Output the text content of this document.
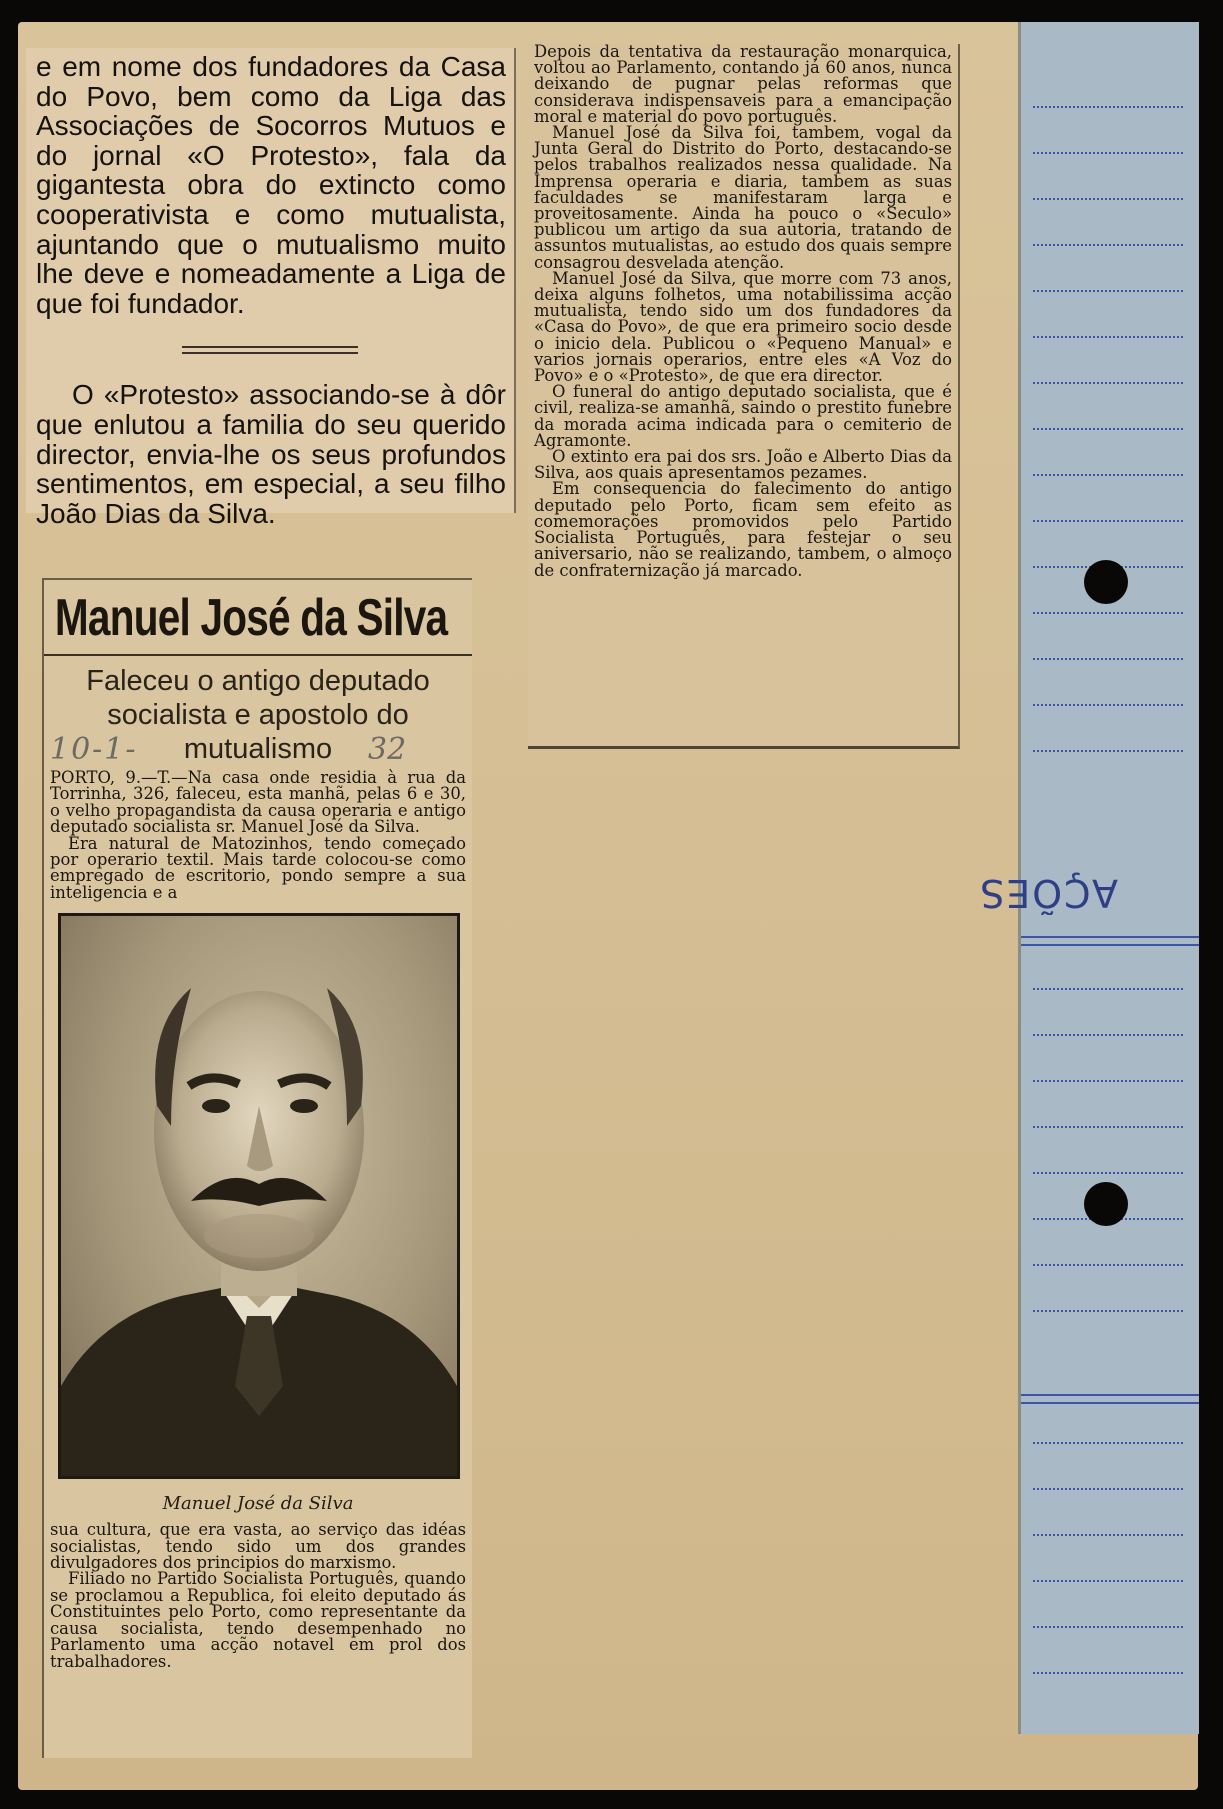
AÇÕES

e em nome dos fundadores da Casa do Povo, bem como da Liga das Associações de Socorros Mutuos e do jornal «O Protesto», fala da gigantesta obra do extincto como cooperativista e como mutualista, ajuntando que o mutualismo muito lhe deve e nomeadamente a Liga de que foi fundador.

O «Protesto» associando-se à dôr que enlutou a familia do seu querido director, envia-lhe os seus profundos sentimentos, em especial, a seu filho João Dias da Silva.

Depois da tentativa da restauração monarquica, voltou ao Parlamento, contando já 60 anos, nunca deixando de pugnar pelas reformas que considerava indispensaveis para a emancipação moral e material do povo português.

Manuel José da Silva foi, tambem, vogal da Junta Geral do Distrito do Porto, destacando-se pelos trabalhos realizados nessa qualidade. Na Imprensa operaria e diaria, tambem as suas faculdades se manifestaram larga e proveitosamente. Ainda ha pouco o «Seculo» publicou um artigo da sua autoria, tratando de assuntos mutualistas, ao estudo dos quais sempre consagrou desvelada atenção.

Manuel José da Silva, que morre com 73 anos, deixa alguns folhetos, uma notabilissima acção mutualista, tendo sido um dos fundadores da «Casa do Povo», de que era primeiro socio desde o inicio dela. Publicou o «Pequeno Manual» e varios jornais operarios, entre eles «A Voz do Povo» e o «Protesto», de que era director.

O funeral do antigo deputado socialista, que é civil, realiza-se amanhã, saindo o prestito funebre da morada acima indicada para o cemiterio de Agramonte.

O extinto era pai dos srs. João e Alberto Dias da Silva, aos quais apresentamos pezames.

Em consequencia do falecimento do antigo deputado pelo Porto, ficam sem efeito as comemorações promovidos pelo Partido Socialista Português, para festejar o seu aniversario, não se realizando, tambem, o almoço de confraternização já marcado.

Manuel José da Silva
Faleceu o antigo deputado socialista e apostolo do mutualismo
10-1-	32

PORTO, 9.—T.—Na casa onde residia à rua da Torrinha, 326, faleceu, esta manhã, pelas 6 e 30, o velho propagandista da causa operaria e antigo deputado socialista sr. Manuel José da Silva.

Era natural de Matozinhos, tendo começado por operario textil. Mais tarde colocou-se como empregado de escritorio, pondo sempre a sua inteligencia e a

Manuel José da Silva

sua cultura, que era vasta, ao serviço das idéas socialistas, tendo sido um dos grandes divulgadores dos principios do marxismo.

Filiado no Partido Socialista Português, quando se proclamou a Republica, foi eleito deputado ás Constituintes pelo Porto, como representante da causa socialista, tendo desempenhado no Parlamento uma acção notavel em prol dos trabalhadores.
